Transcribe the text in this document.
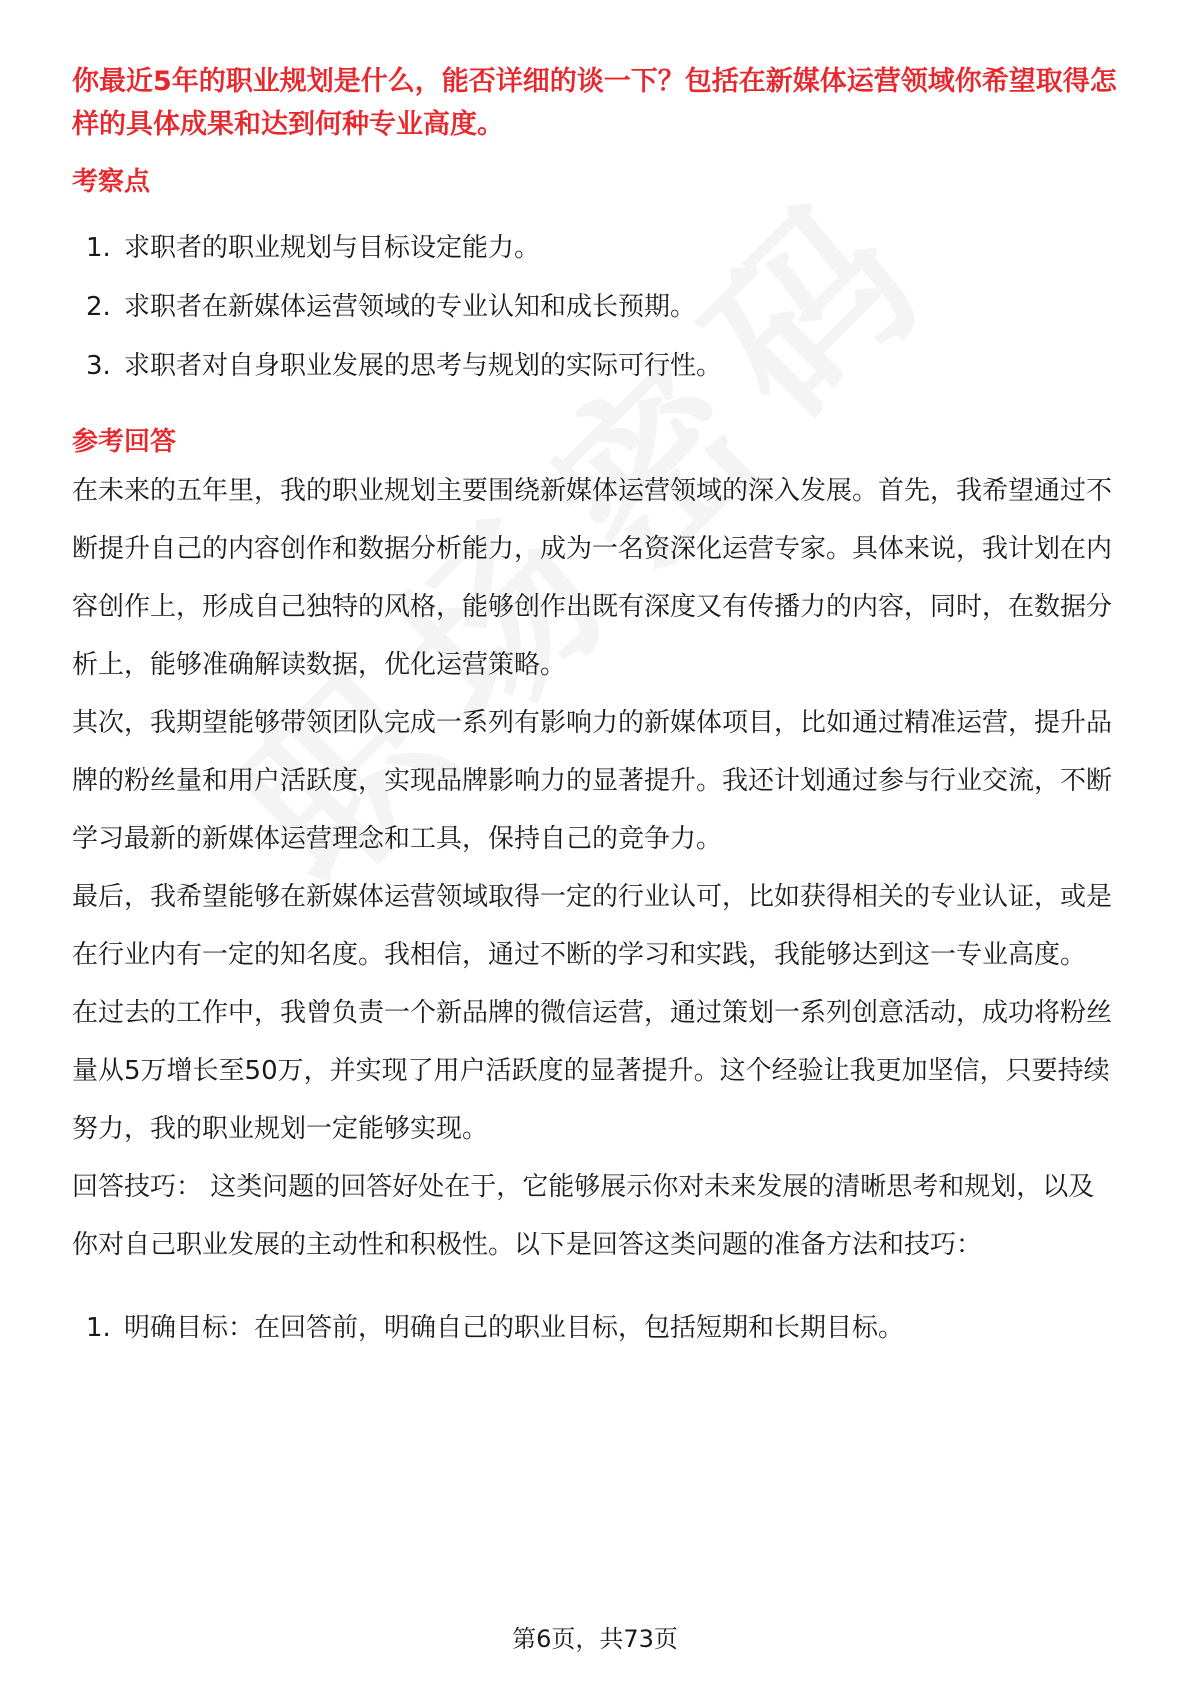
你最近5年的职业规划是什么，能否详细的谈一下？包括在新媒体运营领域你希望取得怎样的具体成果和达到何种专业高度。

考察点
1. 求职者的职业规划与目标设定能力。
2. 求职者在新媒体运营领域的专业认知和成长预期。
3. 求职者对自身职业发展的思考与规划的实际可行性。
参考回答

在未来的五年里，我的职业规划主要围绕新媒体运营领域的深入发展。首先，我希望通过不断提升自己的内容创作和数据分析能力，成为一名资深化运营专家。具体来说，我计划在内容创作上，形成自己独特的风格，能够创作出既有深度又有传播力的内容，同时，在数据分析上，能够准确解读数据，优化运营策略。

其次，我期望能够带领团队完成一系列有影响力的新媒体项目，比如通过精准运营，提升品牌的粉丝量和用户活跃度，实现品牌影响力的显著提升。我还计划通过参与行业交流，不断学习最新的新媒体运营理念和工具，保持自己的竞争力。

最后，我希望能够在新媒体运营领域取得一定的行业认可，比如获得相关的专业认证，或是在行业内有一定的知名度。我相信，通过不断的学习和实践，我能够达到这一专业高度。

在过去的工作中，我曾负责一个新品牌的微信运营，通过策划一系列创意活动，成功将粉丝量从5万增长至50万，并实现了用户活跃度的显著提升。这个经验让我更加坚信，只要持续努力，我的职业规划一定能够实现。

回答技巧： 这类问题的回答好处在于，它能够展示你对未来发展的清晰思考和规划，以及你对自己职业发展的主动性和积极性。以下是回答这类问题的准备方法和技巧：

1. 明确目标：在回答前，明确自己的职业目标，包括短期和长期目标。
第6页，共73页
